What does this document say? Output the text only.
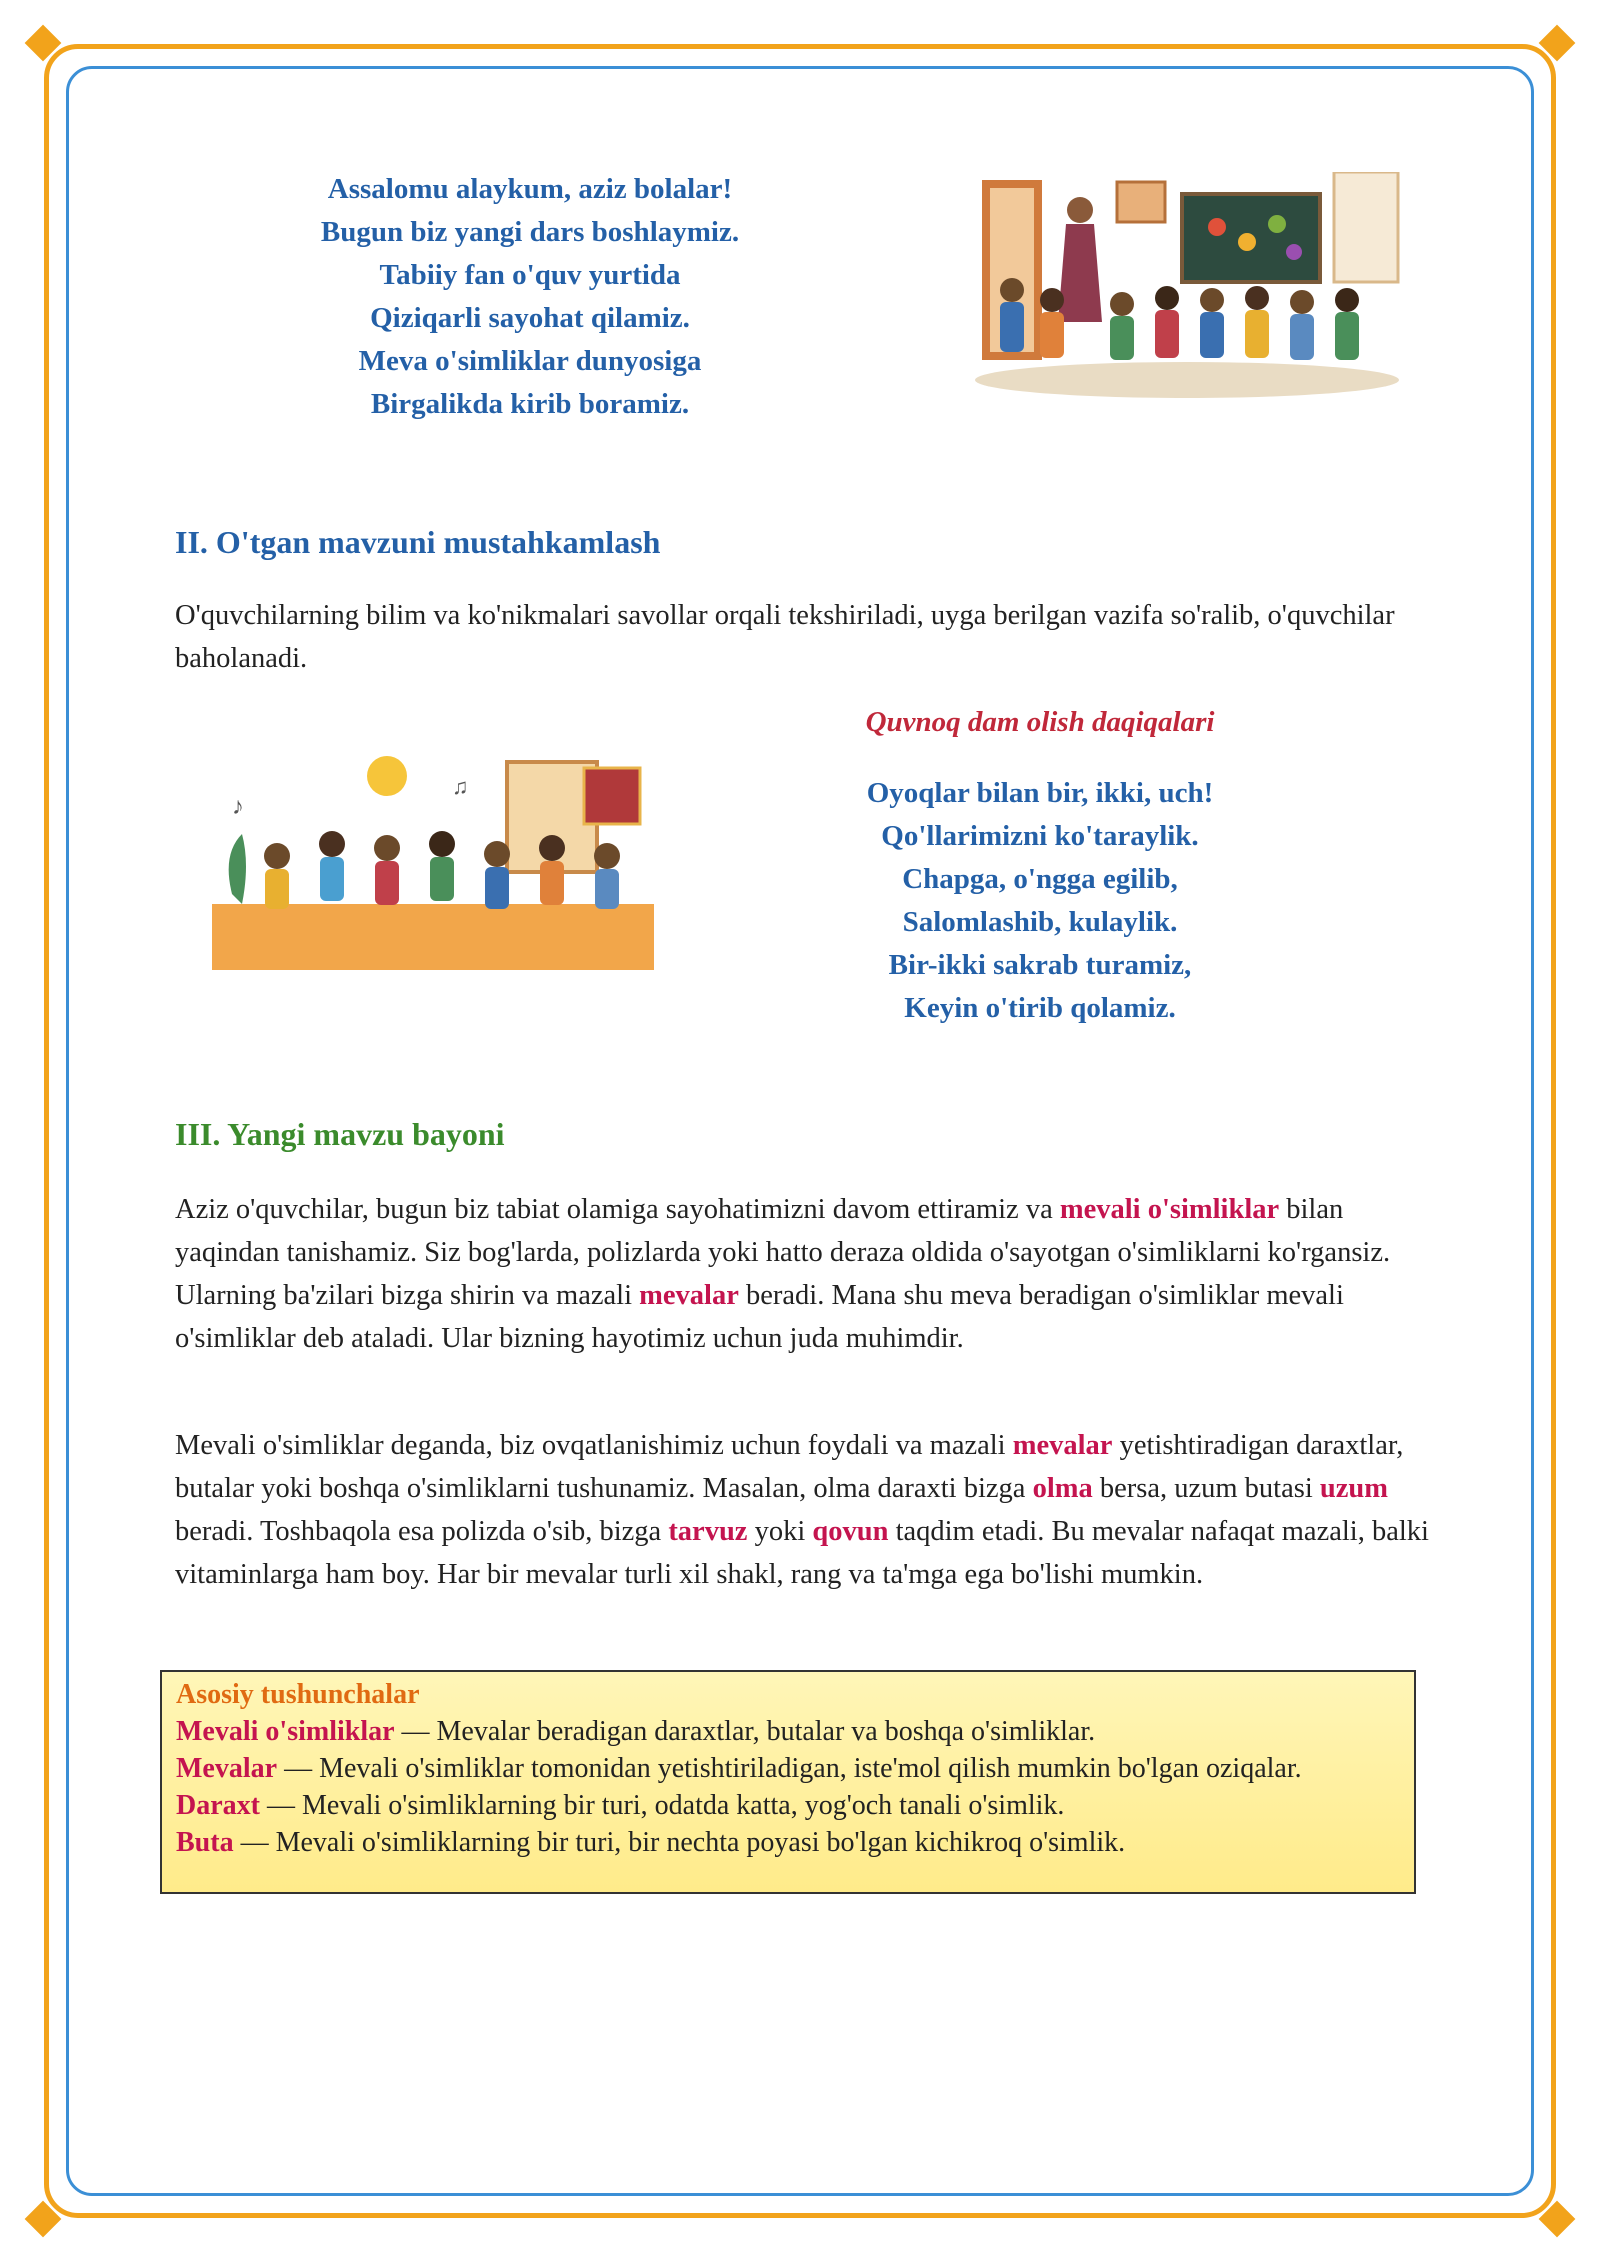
Assalomu alaykum, aziz bolalar!
Bugun biz yangi dars boshlaymiz.
Tabiiy fan o'quv yurtida
Qiziqarli sayohat qilamiz.
Meva o'simliklar dunyosiga
Birgalikda kirib boramiz.
II. O'tgan mavzuni mustahkamlash

O'quvchilarning bilim va ko'nikmalari savollar orqali tekshiriladi, uyga berilgan vazifa so'ralib, o'quvchilar baholanadi.

♪
♫
Quvnoq dam olish daqiqalari
Oyoqlar bilan bir, ikki, uch!
Qo'llarimizni ko'taraylik.
Chapga, o'ngga egilib,
Salomlashib, kulaylik.
Bir-ikki sakrab turamiz,
Keyin o'tirib qolamiz.
III. Yangi mavzu bayoni

Aziz o'quvchilar, bugun biz tabiat olamiga sayohatimizni davom ettiramiz va mevali o'simliklar bilan yaqindan tanishamiz. Siz bog'larda, polizlarda yoki hatto deraza oldida o'sayotgan o'simliklarni ko'rgansiz. Ularning ba'zilari bizga shirin va mazali mevalar beradi. Mana shu meva beradigan o'simliklar mevali o'simliklar deb ataladi. Ular bizning hayotimiz uchun juda muhimdir.

Mevali o'simliklar deganda, biz ovqatlanishimiz uchun foydali va mazali mevalar yetishtiradigan daraxtlar, butalar yoki boshqa o'simliklarni tushunamiz. Masalan, olma daraxti bizga olma bersa, uzum butasi uzum beradi. Toshbaqola esa polizda o'sib, bizga tarvuz yoki qovun taqdim etadi. Bu mevalar nafaqat mazali, balki vitaminlarga ham boy. Har bir mevalar turli xil shakl, rang va ta'mga ega bo'lishi mumkin.

Asosiy tushunchalar
Mevali o'simliklar — Mevalar beradigan daraxtlar, butalar va boshqa o'simliklar.
Mevalar — Mevali o'simliklar tomonidan yetishtiriladigan, iste'mol qilish mumkin bo'lgan oziqalar.
Daraxt — Mevali o'simliklarning bir turi, odatda katta, yog'och tanali o'simlik.
Buta — Mevali o'simliklarning bir turi, bir nechta poyasi bo'lgan kichikroq o'simlik.
